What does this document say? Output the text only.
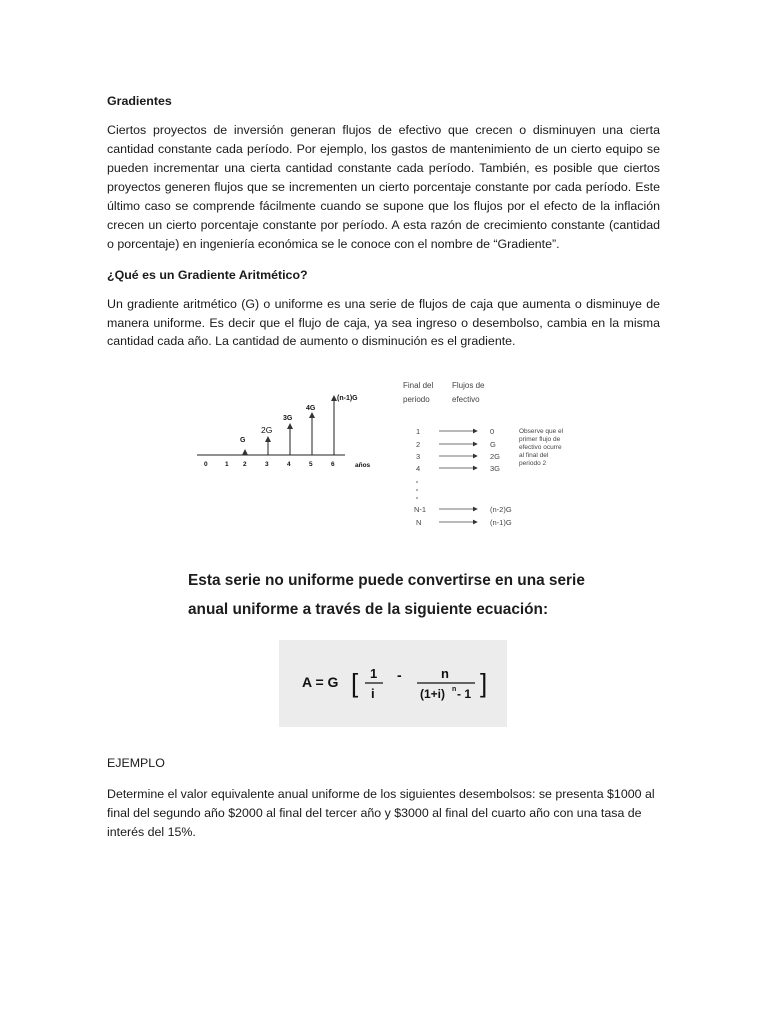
Gradientes

Ciertos proyectos de inversión generan flujos de efectivo que crecen o disminuyen una cierta cantidad constante cada período. Por ejemplo, los gastos de mantenimiento de un cierto equipo se pueden incrementar una cierta cantidad constante cada período. También, es posible que ciertos proyectos generen flujos que se incrementen un cierto porcentaje constante por cada período. Este último caso se comprende fácilmente cuando se supone que los flujos por el efecto de la inflación crecen un cierto porcentaje constante por período. A esta razón de crecimiento constante (cantidad o porcentaje) en ingeniería económica se le conoce con el nombre de “Gradiente”.

¿Qué es un Gradiente Aritmético?

Un gradiente aritmético (G) o uniforme es una serie de flujos de caja que aumenta o disminuye de manera uniforme. Es decir que el flujo de caja, ya sea ingreso o desembolso, cambia en la misma cantidad cada año. La cantidad de aumento o disminución es el gradiente.

0	1 2	3	4	5	6	años
G
2G
3G
4G
(n-1)G
Final del
periodo
Flujos de
efectivo
1	0
2	G
3	2G
4	3G
N-1	(n-2)G
N	(n-1)G
Observe que el
primer flujo de
efectivo ocurre
al final del
periodo 2
Esta serie no uniforme puede convertirse en una serie
anual uniforme a través de la siguiente ecuación:
A = G [ 1
i
-	n
(1+i) n - 1 ]

EJEMPLO

Determine el valor equivalente anual uniforme de los siguientes desembolsos: se presenta $1000 al final del segundo año $2000 al final del tercer año y $3000 al final del cuarto año con una tasa de interés del 15%.
